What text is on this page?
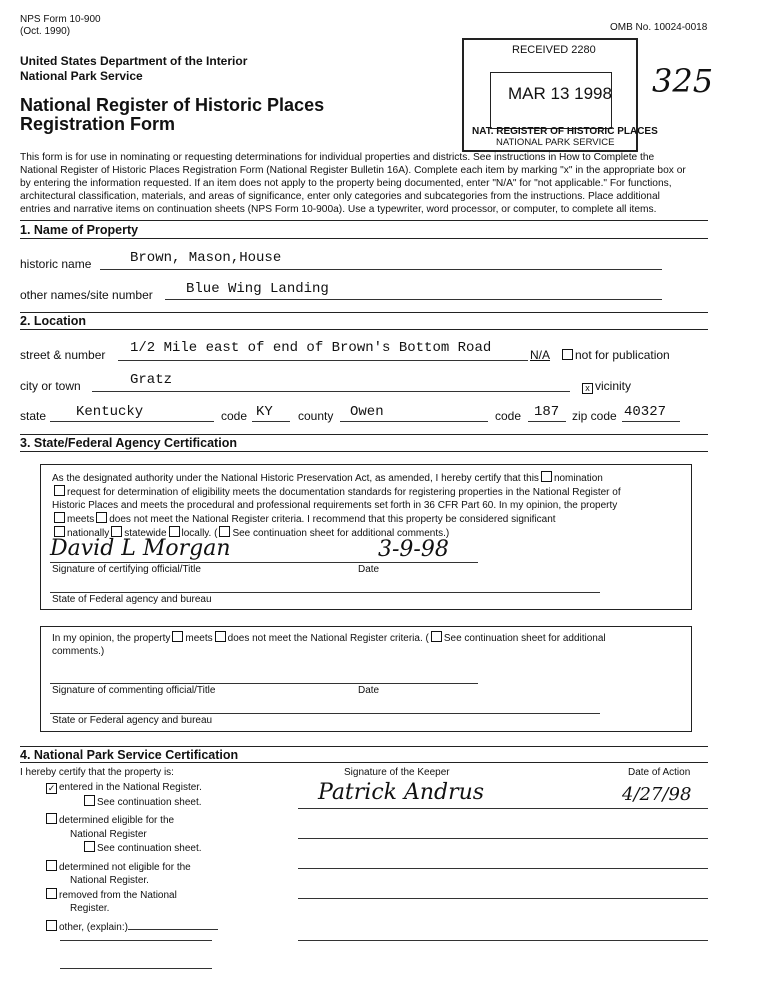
NPS Form 10-900
(Oct. 1990)	OMB No. 10024-0018
United States Department of the Interior
National Park Service
National Register of Historic Places
Registration Form
RECEIVED 2280
MAR 13 1998
NAT. REGISTER OF HISTORIC PLACES
NATIONAL PARK SERVICE
325
This form is for use in nominating or requesting determinations for individual properties and districts. See instructions in How to Complete the
National Register of Historic Places Registration Form (National Register Bulletin 16A). Complete each item by marking "x" in the appropriate box or
by entering the information requested. If an item does not apply to the property being documented, enter "N/A" for "not applicable." For functions,
architectural classification, materials, and areas of significance, enter only categories and subcategories from the instructions. Place additional
entries and narrative items on continuation sheets (NPS Form 10-900a). Use a typewriter, word processor, or computer, to complete all items.
1. Name of Property
historic name	Brown, Mason,House
other names/site number Blue Wing Landing
2. Location
street & number 1/2 Mile east of end of Brown's Bottom Road	N/A	not for publication
city or town	Gratz	x vicinity
state Kentucky	code KY county Owen	code 187 zip code 40327
3. State/Federal Agency Certification
As the designated authority under the National Historic Preservation Act, as amended, I hereby certify that this nomination
request for determination of eligibility meets the documentation standards for registering properties in the National Register of
Historic Places and meets the procedural and professional requirements set forth in 36 CFR Part 60. In my opinion, the property
meets does not meet the National Register criteria. I recommend that this property be considered significant
nationally statewide locally. ( See continuation sheet for additional comments.)
David L Morgan	3-9-98
Signature of certifying official/Title	Date
State of Federal agency and bureau
In my opinion, the property meets does not meet the National Register criteria. ( See continuation sheet for additional
comments.)
Signature of commenting official/Title	Date
State or Federal agency and bureau
4. National Park Service Certification
I hereby certify that the property is:	Signature of the Keeper	Date of Action
Patrick Andrus	4/27/98
✓ entered in the National Register.
See continuation sheet.
determined eligible for the
National Register
See continuation sheet.
determined not eligible for the
National Register.
removed from the National
Register.
other, (explain:)
